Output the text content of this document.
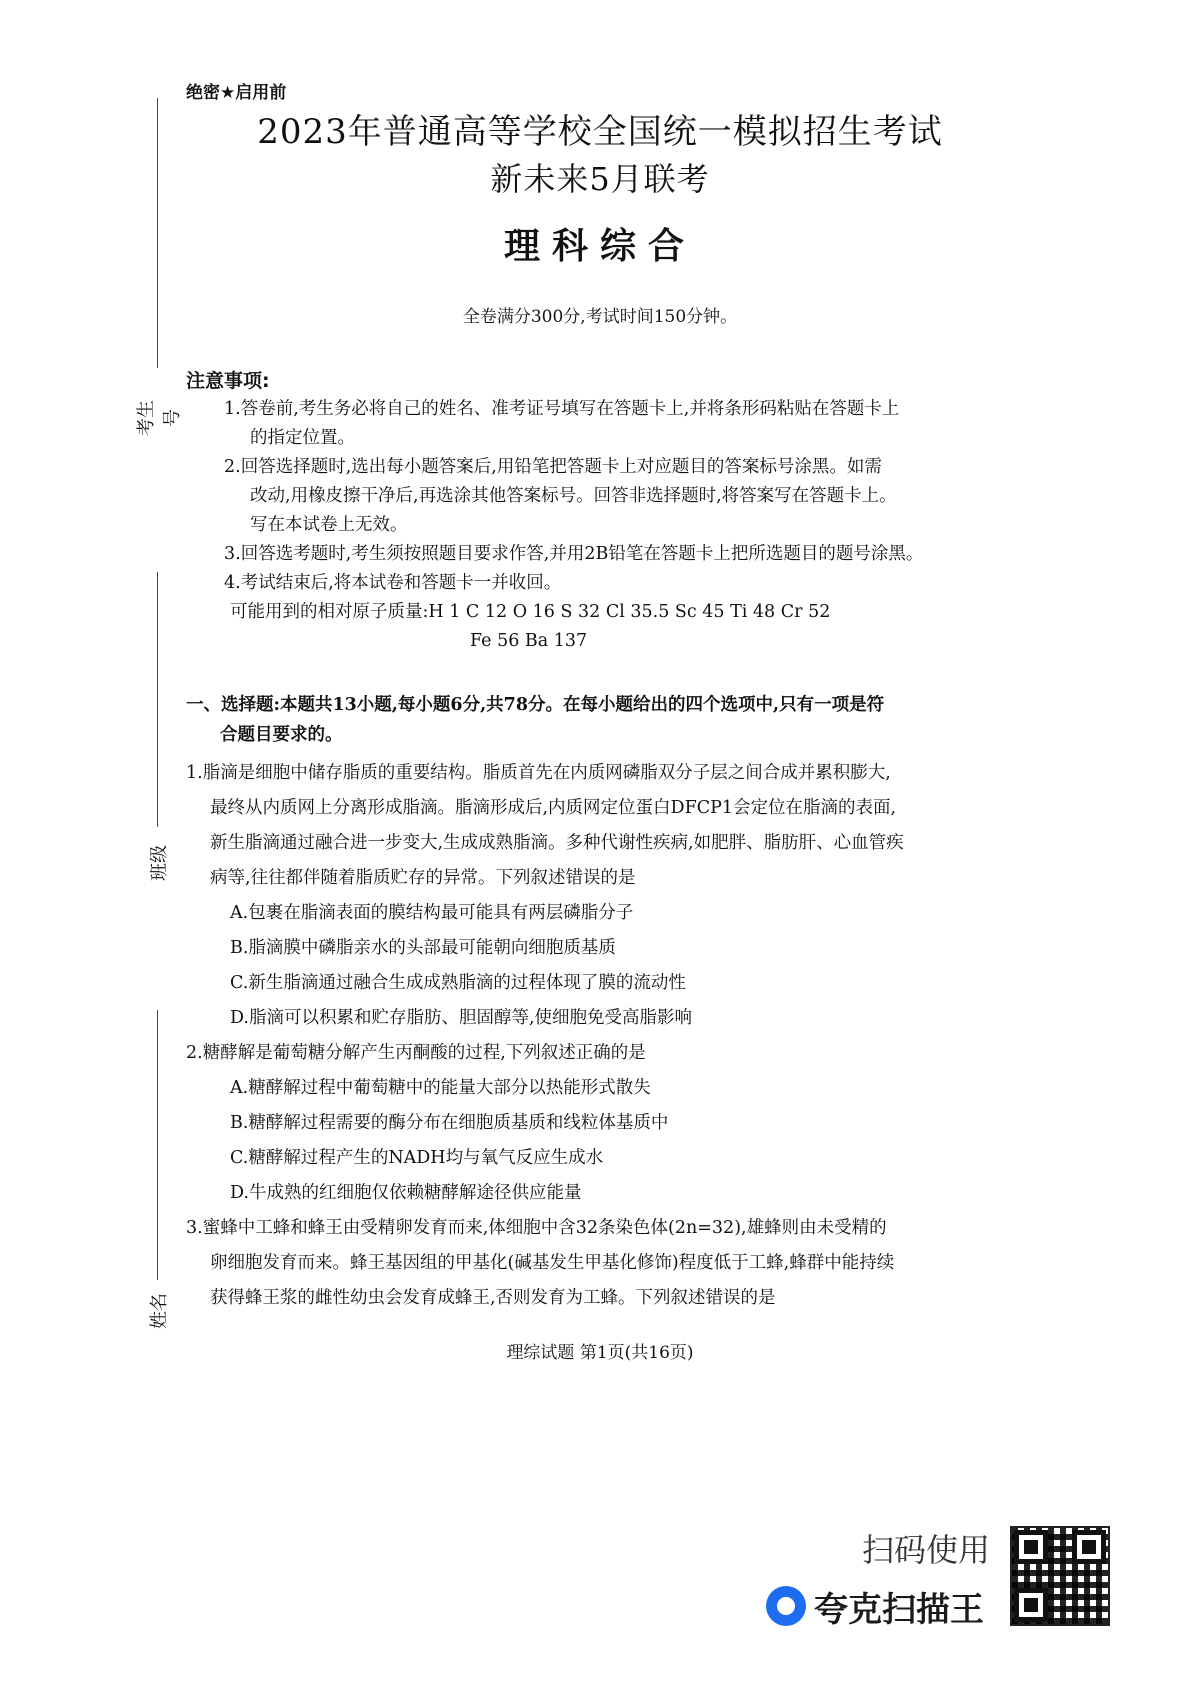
绝密★启用前
2023年普通高等学校全国统一模拟招生考试
新未来5月联考
理科综合
全卷满分300分,考试时间150分钟。
考生号
班级
姓名
注意事项:
1.答卷前,考生务必将自己的姓名、准考证号填写在答题卡上,并将条形码粘贴在答题卡上
的指定位置。
2.回答选择题时,选出每小题答案后,用铅笔把答题卡上对应题目的答案标号涂黑。如需
改动,用橡皮擦干净后,再选涂其他答案标号。回答非选择题时,将答案写在答题卡上。
写在本试卷上无效。
3.回答选考题时,考生须按照题目要求作答,并用2B铅笔在答题卡上把所选题目的题号涂黑。
4.考试结束后,将本试卷和答题卡一并收回。
可能用到的相对原子质量:H 1 C 12 O 16 S 32 Cl 35.5 Sc 45 Ti 48 Cr 52
Fe 56 Ba 137
一、选择题:本题共13小题,每小题6分,共78分。在每小题给出的四个选项中,只有一项是符
合题目要求的。
1.脂滴是细胞中储存脂质的重要结构。脂质首先在内质网磷脂双分子层之间合成并累积膨大,
最终从内质网上分离形成脂滴。脂滴形成后,内质网定位蛋白DFCP1会定位在脂滴的表面,
新生脂滴通过融合进一步变大,生成成熟脂滴。多种代谢性疾病,如肥胖、脂肪肝、心血管疾
病等,往往都伴随着脂质贮存的异常。下列叙述错误的是
A.包裹在脂滴表面的膜结构最可能具有两层磷脂分子
B.脂滴膜中磷脂亲水的头部最可能朝向细胞质基质
C.新生脂滴通过融合生成成熟脂滴的过程体现了膜的流动性
D.脂滴可以积累和贮存脂肪、胆固醇等,使细胞免受高脂影响
2.糖酵解是葡萄糖分解产生丙酮酸的过程,下列叙述正确的是
A.糖酵解过程中葡萄糖中的能量大部分以热能形式散失
B.糖酵解过程需要的酶分布在细胞质基质和线粒体基质中
C.糖酵解过程产生的NADH均与氧气反应生成水
D.牛成熟的红细胞仅依赖糖酵解途径供应能量
3.蜜蜂中工蜂和蜂王由受精卵发育而来,体细胞中含32条染色体(2n=32),雄蜂则由未受精的
卵细胞发育而来。蜂王基因组的甲基化(碱基发生甲基化修饰)程度低于工蜂,蜂群中能持续
获得蜂王浆的雌性幼虫会发育成蜂王,否则发育为工蜂。下列叙述错误的是
理综试题 第1页(共16页)
扫码使用
夸克扫描王
